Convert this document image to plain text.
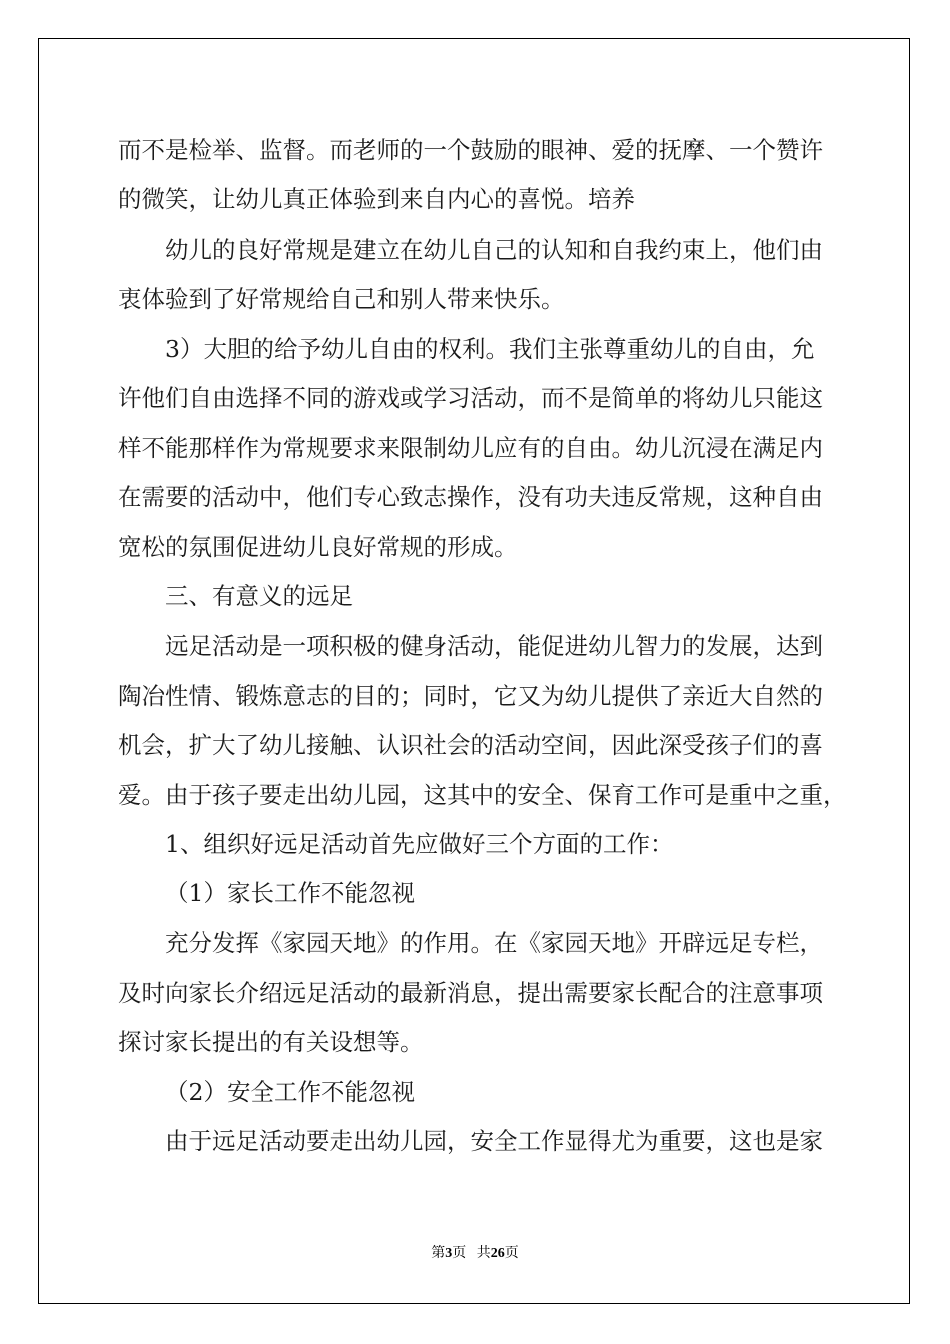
而不是检举、监督。而老师的一个鼓励的眼神、爱的抚摩、一个赞许

的微笑，让幼儿真正体验到来自内心的喜悦。培养

幼儿的良好常规是建立在幼儿自己的认知和自我约束上，他们由

衷体验到了好常规给自己和别人带来快乐。

3）大胆的给予幼儿自由的权利。我们主张尊重幼儿的自由，允

许他们自由选择不同的游戏或学习活动，而不是简单的将幼儿只能这

样不能那样作为常规要求来限制幼儿应有的自由。幼儿沉浸在满足内

在需要的活动中，他们专心致志操作，没有功夫违反常规，这种自由

宽松的氛围促进幼儿良好常规的形成。

三、有意义的远足

远足活动是一项积极的健身活动，能促进幼儿智力的发展，达到

陶冶性情、锻炼意志的目的；同时，它又为幼儿提供了亲近大自然的

机会，扩大了幼儿接触、认识社会的活动空间，因此深受孩子们的喜

爱。由于孩子要走出幼儿园，这其中的安全、保育工作可是重中之重，

1、组织好远足活动首先应做好三个方面的工作：

（1）家长工作不能忽视

充分发挥《家园天地》的作用。在《家园天地》开辟远足专栏，

及时向家长介绍远足活动的最新消息，提出需要家长配合的注意事项

探讨家长提出的有关设想等。

（2）安全工作不能忽视

由于远足活动要走出幼儿园，安全工作显得尤为重要，这也是家

第3页 共26页
